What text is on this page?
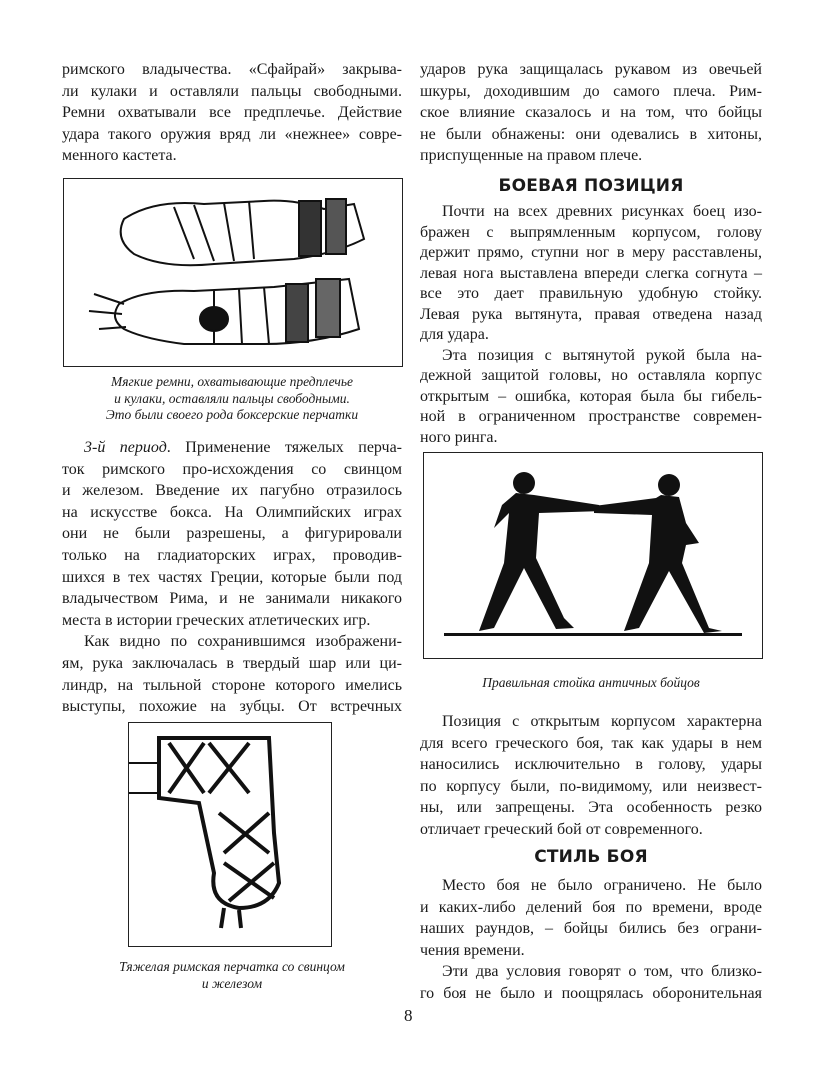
римского владычества. «Сфайрай» закрыва-
ли кулаки и оставляли пальцы свободными.
Ремни охватывали все предплечье. Действие
удара такого оружия вряд ли «нежнее» совре-
менного кастета.
Мягкие ремни, охватывающие предплечье
и кулаки, оставляли пальцы свободными.
Это были своего рода боксерские перчатки
3-й период. Применение тяжелых перча-
ток римского про-исхождения со свинцом
и железом. Введение их пагубно отразилось
на искусстве бокса. На Олимпийских играх
они не были разрешены, а фигурировали
только на гладиаторских играх, проводив-
шихся в тех частях Греции, которые были под
владычеством Рима, и не занимали никакого
места в истории греческих атлетических игр.
Как видно по сохранившимся изображени-
ям, рука заключалась в твердый шар или ци-
линдр, на тыльной стороне которого имелись
выступы, похожие на зубцы. От встречных
Тяжелая римская перчатка со свинцом
и железом
ударов рука защищалась рукавом из овечьей
шкуры, доходившим до самого плеча. Рим-
ское влияние сказалось и на том, что бойцы
не были обнажены: они одевались в хитоны,
приспущенные на правом плече.
БОЕВАЯ ПОЗИЦИЯ
Почти на всех древних рисунках боец изо-
бражен с выпрямленным корпусом, голову
держит прямо, ступни ног в меру расставлены,
левая нога выставлена впереди слегка согнута –
все это дает правильную удобную стойку.
Левая рука вытянута, правая отведена назад
для удара.
Эта позиция с вытянутой рукой была на-
дежной защитой головы, но оставляла корпус
открытым – ошибка, которая была бы гибель-
ной в ограниченном пространстве современ-
ного ринга.
Правильная стойка античных бойцов
Позиция с открытым корпусом характерна
для всего греческого боя, так как удары в нем
наносились исключительно в голову, удары
по корпусу были, по-видимому, или неизвест-
ны, или запрещены. Эта особенность резко
отличает греческий бой от современного.
СТИЛЬ БОЯ
Место боя не было ограничено. Не было
и каких-либо делений боя по времени, вроде
наших раундов, – бойцы бились без ограни-
чения времени.
Эти два условия говорят о том, что близко-
го боя не было и поощрялась оборонительная
8
